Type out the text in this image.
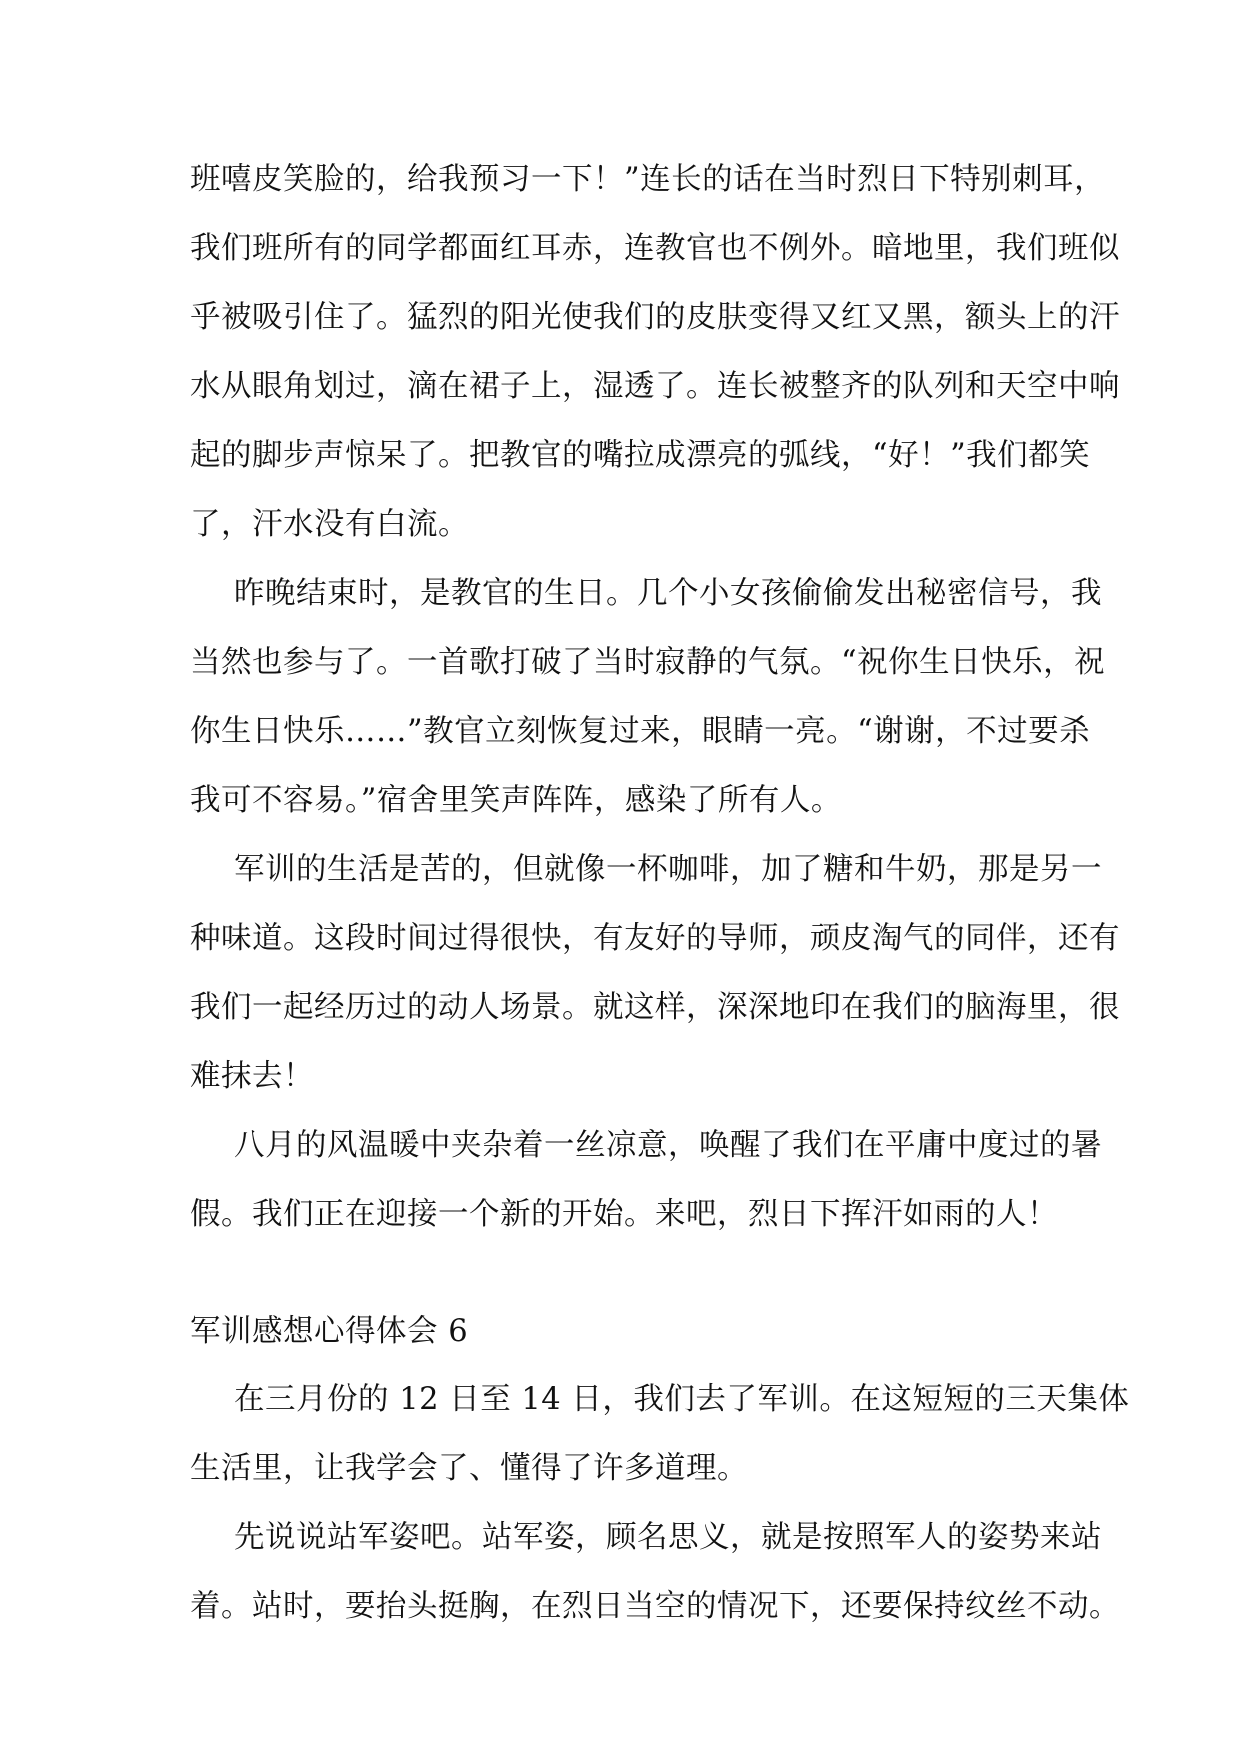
班嘻皮笑脸的，给我预习一下！”连长的话在当时烈日下特别刺耳，
我们班所有的同学都面红耳赤，连教官也不例外。暗地里，我们班似
乎被吸引住了。猛烈的阳光使我们的皮肤变得又红又黑，额头上的汗
水从眼角划过，滴在裙子上，湿透了。连长被整齐的队列和天空中响
起的脚步声惊呆了。把教官的嘴拉成漂亮的弧线，“好！”我们都笑
了，汗水没有白流。
昨晚结束时，是教官的生日。几个小女孩偷偷发出秘密信号，我
当然也参与了。一首歌打破了当时寂静的气氛。“祝你生日快乐，祝
你生日快乐……”教官立刻恢复过来，眼睛一亮。“谢谢，不过要杀
我可不容易。”宿舍里笑声阵阵，感染了所有人。
军训的生活是苦的，但就像一杯咖啡，加了糖和牛奶，那是另一
种味道。这段时间过得很快，有友好的导师，顽皮淘气的同伴，还有
我们一起经历过的动人场景。就这样，深深地印在我们的脑海里，很
难抹去！
八月的风温暖中夹杂着一丝凉意，唤醒了我们在平庸中度过的暑
假。我们正在迎接一个新的开始。来吧，烈日下挥汗如雨的人！
军训感想心得体会 6
在三月份的 12 日至 14 日，我们去了军训。在这短短的三天集体
生活里，让我学会了、懂得了许多道理。
先说说站军姿吧。站军姿，顾名思义，就是按照军人的姿势来站
着。站时，要抬头挺胸，在烈日当空的情况下，还要保持纹丝不动。
